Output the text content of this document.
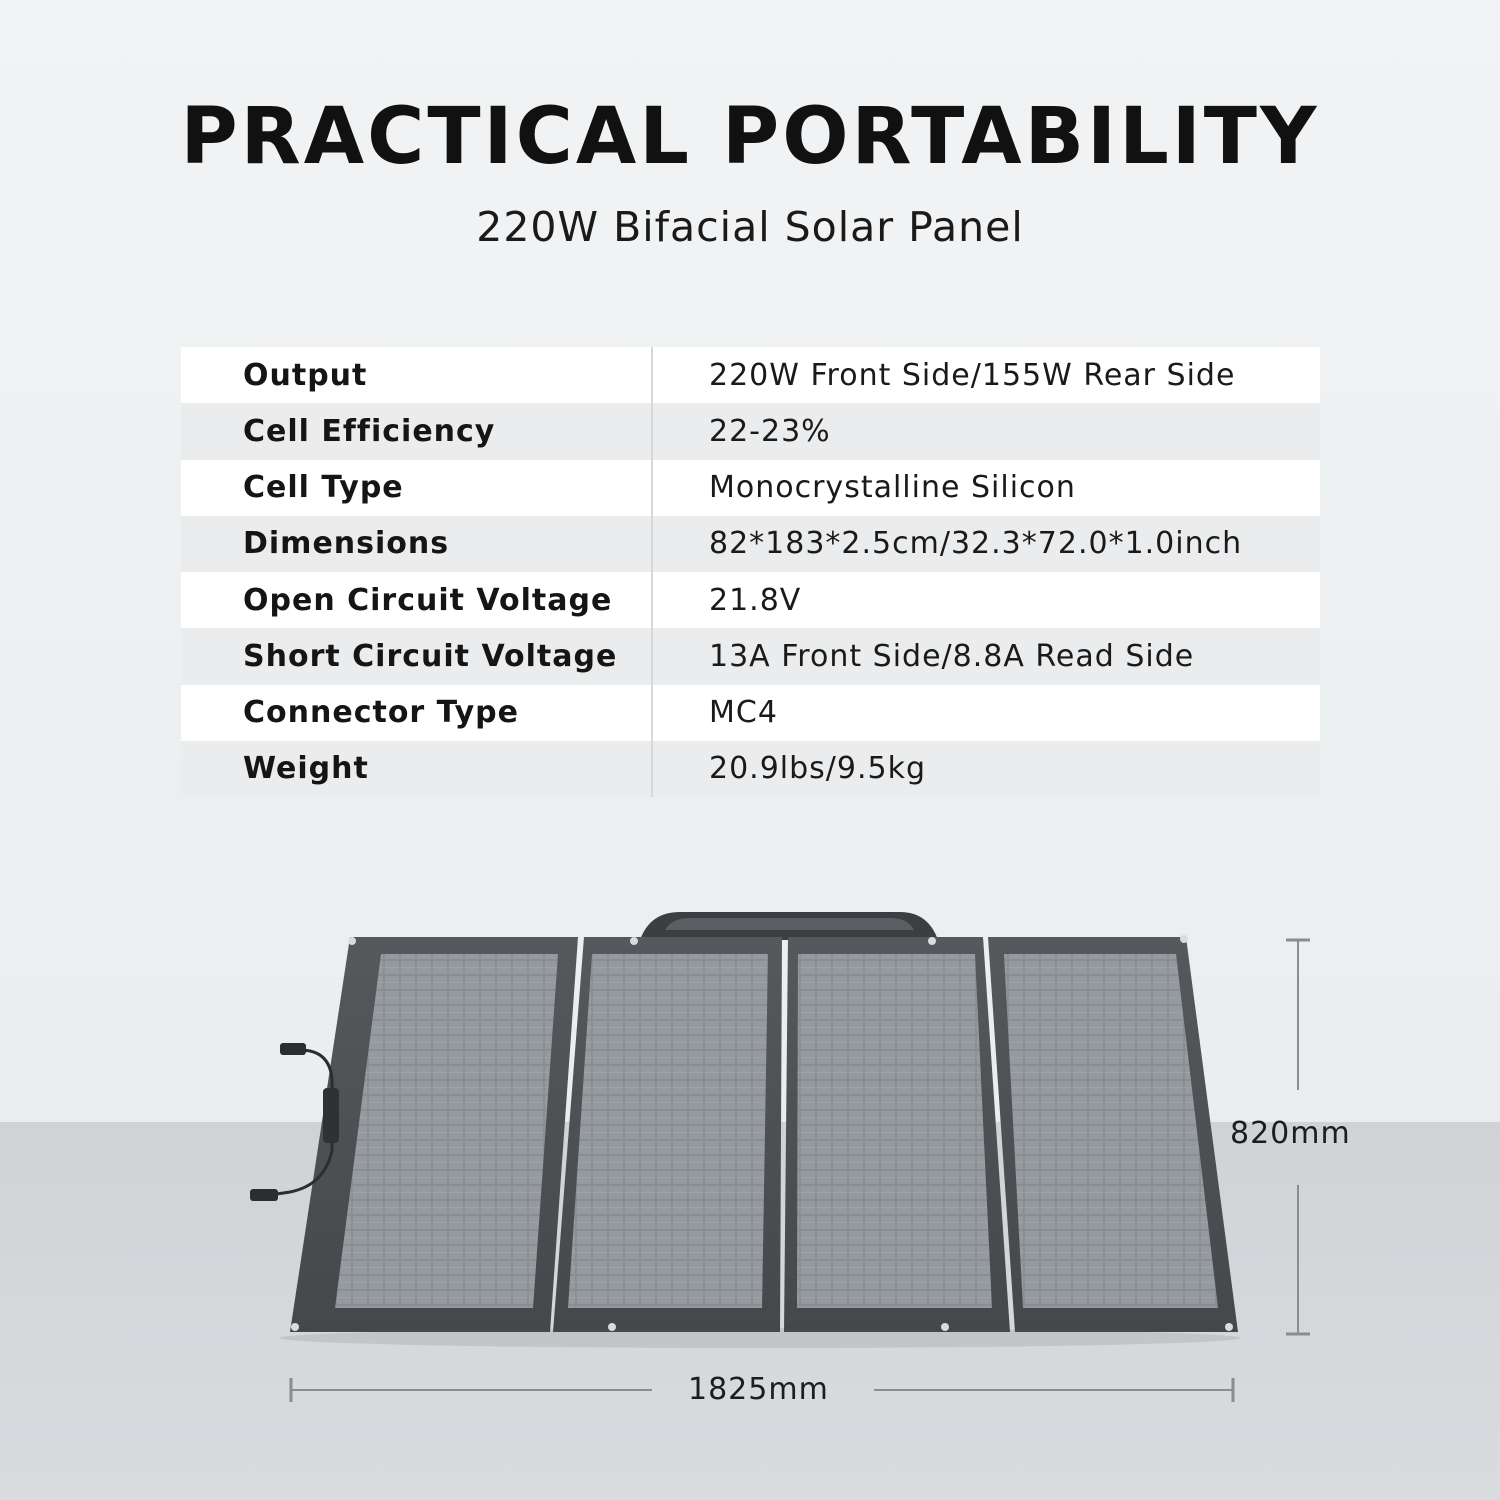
PRACTICAL PORTABILITY
220W Bifacial Solar Panel
Output	220W Front Side/155W Rear Side
Cell Efficiency	22-23%
Cell Type	Monocrystalline Silicon
Dimensions	82*183*2.5cm/32.3*72.0*1.0inch
Open Circuit Voltage	21.8V
Short Circuit Voltage	13A Front Side/8.8A Read Side
Connector Type	MC4
Weight	20.9lbs/9.5kg
820mm
1825mm
